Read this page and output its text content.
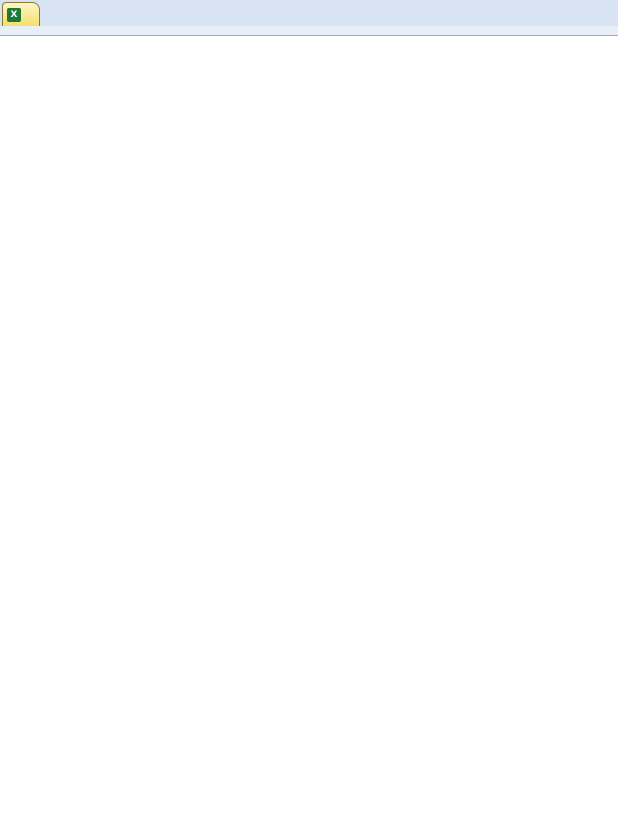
X
